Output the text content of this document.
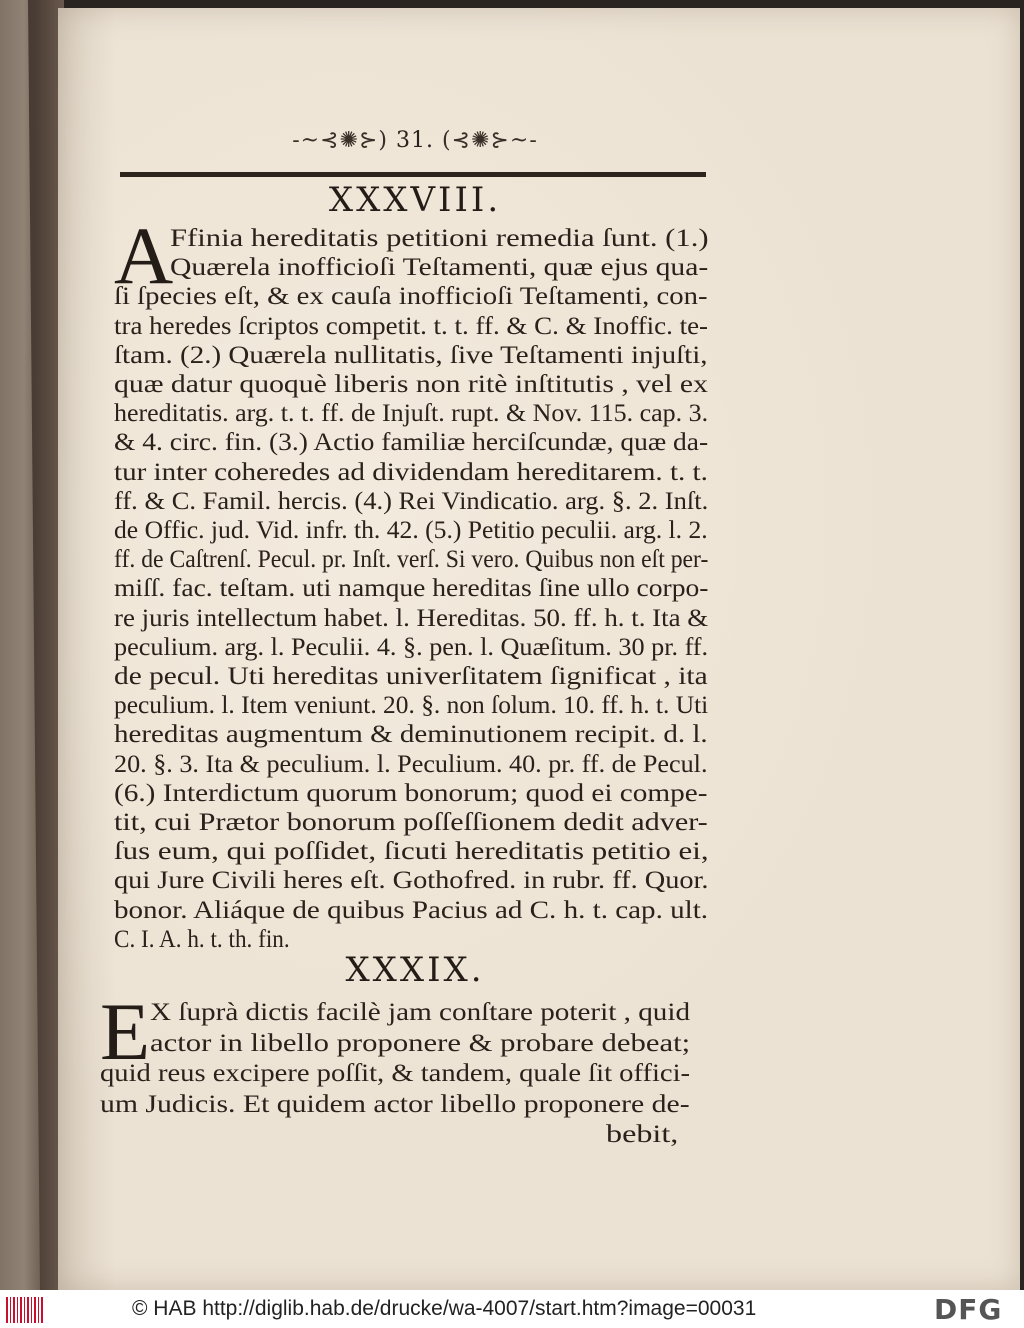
-~⊰✺⊱) 31. (⊰✺⊱~-
XXXVIII.
A
Ffinia hereditatis petitioni remedia ſunt. (1.)
Quærela inofficioſi Teſtamenti, quæ ejus qua-
ſi ſpecies eſt, & ex cauſa inofficioſi Teſtamenti, con-
tra heredes ſcriptos competit. t. t. ff. & C. & Inoffic. te-
ſtam. (2.) Quærela nullitatis, ſive Teſtamenti injuſti,
quæ datur quoquè liberis non ritè inſtitutis , vel ex
hereditatis. arg. t. t. ff. de Injuſt. rupt. & Nov. 115. cap. 3.
& 4. circ. fin. (3.) Actio familiæ herciſcundæ, quæ da-
tur inter coheredes ad dividendam hereditarem. t. t.
ff. & C. Famil. hercis. (4.) Rei Vindicatio. arg. §. 2. Inſt.
de Offic. jud. Vid. infr. th. 42. (5.) Petitio peculii. arg. l. 2.
ff. de Caſtrenſ. Pecul. pr. Inſt. verſ. Si vero. Quibus non eſt per-
miſſ. fac. teſtam. uti namque hereditas ſine ullo corpo-
re juris intellectum habet. l. Hereditas. 50. ff. h. t. Ita &
peculium. arg. l. Peculii. 4. §. pen. l. Quæſitum. 30 pr. ff.
de pecul. Uti hereditas univerſitatem ſignificat , ita
peculium. l. Item veniunt. 20. §. non ſolum. 10. ff. h. t. Uti
hereditas augmentum & deminutionem recipit. d. l.
20. §. 3. Ita & peculium. l. Peculium. 40. pr. ff. de Pecul.
(6.) Interdictum quorum bonorum; quod ei compe-
tit, cui Prætor bonorum poſſeſſionem dedit adver-
ſus eum, qui poſſidet, ſicuti hereditatis petitio ei,
qui Jure Civili heres eſt. Gothofred. in rubr. ff. Quor.
bonor. Aliáque de quibus Pacius ad C. h. t. cap. ult.
C. I. A. h. t. th. fin.
XXXIX.
E X ſuprà dictis facilè jam conſtare poterit , quid
actor in libello proponere & probare debeat;
quid reus excipere poſſit, & tandem, quale ſit offici-
um Judicis. Et quidem actor libello proponere de-
bebit,
© HAB http://diglib.hab.de/drucke/wa-4007/start.htm?image=00031	DFG
